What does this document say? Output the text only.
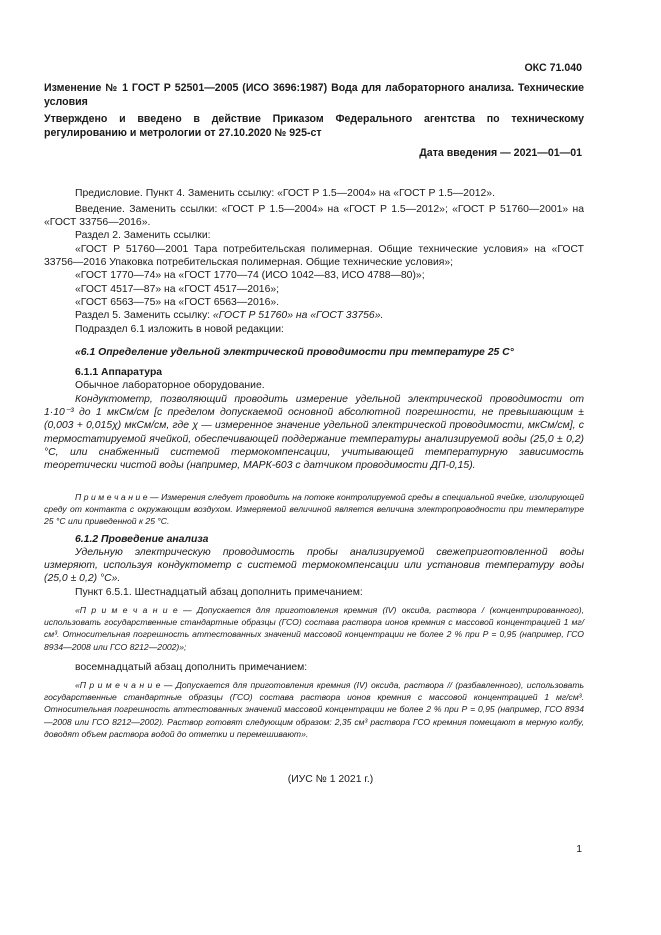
ОКС 71.040

Изменение № 1 ГОСТ Р 52501—2005 (ИСО 3696:1987) Вода для лабораторного анализа. Технические условия

Утверждено и введено в действие Приказом Федерального агентства по техническому регулированию и метрологии от 27.10.2020 № 925-ст

Дата введения — 2021—01—01

Предисловие. Пункт 4. Заменить ссылку: «ГОСТ Р 1.5—2004» на «ГОСТ Р 1.5—2012».

Введение. Заменить ссылки: «ГОСТ Р 1.5—2004» на «ГОСТ Р 1.5—2012»; «ГОСТ Р 51760—2001» на «ГОСТ 33756—2016».

Раздел 2. Заменить ссылки:

«ГОСТ Р 51760—2001 Тара потребительская полимерная. Общие технические условия» на «ГОСТ 33756—2016 Упаковка потребительская полимерная. Общие технические условия»;

«ГОСТ 1770—74» на «ГОСТ 1770—74 (ИСО 1042—83, ИСО 4788—80)»;

«ГОСТ 4517—87» на «ГОСТ 4517—2016»;

«ГОСТ 6563—75» на «ГОСТ 6563—2016».

Раздел 5. Заменить ссылку: «ГОСТ Р 51760» на «ГОСТ 33756».

Подраздел 6.1 изложить в новой редакции:

«6.1 Определение удельной электрической проводимости при температуре 25 С°

6.1.1 Аппаратура

Обычное лабораторное оборудование.

Кондуктометр, позволяющий проводить измерение удельной электрической проводимости от 1·10⁻³ до 1 мкСм/см [с пределом допускаемой основной абсолютной погрешности, не превышающим ± (0,003 + 0,015χ) мкСм/см, где χ — измеренное значение удельной электрической проводимости, мкСм/см], с термостатируемой ячейкой, обеспечивающей поддержание температуры анализируемой воды (25,0 ± 0,2) °С, или снабженный системой термокомпенсации, учитывающей температурную зависимость теоретически чистой воды (например, МАРК-603 с датчиком проводимости ДП-0,15).

П р и м е ч а н и е — Измерения следует проводить на потоке контролируемой среды в специальной ячейке, изолирующей среду от контакта с окружающим воздухом. Измеряемой величиной является величина электропроводности при температуре 25 °С или приведенной к 25 °С.

6.1.2 Проведение анализа

Удельную электрическую проводимость пробы анализируемой свежеприготовленной воды измеряют, используя кондуктометр с системой термокомпенсации или установив температуру воды (25,0 ± 0,2) °С».

Пункт 6.5.1. Шестнадцатый абзац дополнить примечанием:

«П р и м е ч а н и е — Допускается для приготовления кремния (IV) оксида, раствора / (концентрированного), использовать государственные стандартные образцы (ГСО) состава раствора ионов кремния с массовой концентрацией 1 мг/см³. Относительная погрешность аттестованных значений массовой концентрации не более 2 % при Р = 0,95 (например, ГСО 8934—2008 или ГСО 8212—2002)»;

восемнадцатый абзац дополнить примечанием:

«П р и м е ч а н и е — Допускается для приготовления кремния (IV) оксида, раствора // (разбавленного), использовать государственные стандартные образцы (ГСО) состава раствора ионов кремния с массовой концентрацией 1 мг/см³. Относительная погрешность аттестованных значений массовой концентрации не более 2 % при Р = 0,95 (например, ГСО 8934—2008 или ГСО 8212—2002). Раствор готовят следующим образом: 2,35 см³ раствора ГСО кремния помещают в мерную колбу, доводят объем раствора водой до отметки и перемешивают».

(ИУС № 1 2021 г.)

1
